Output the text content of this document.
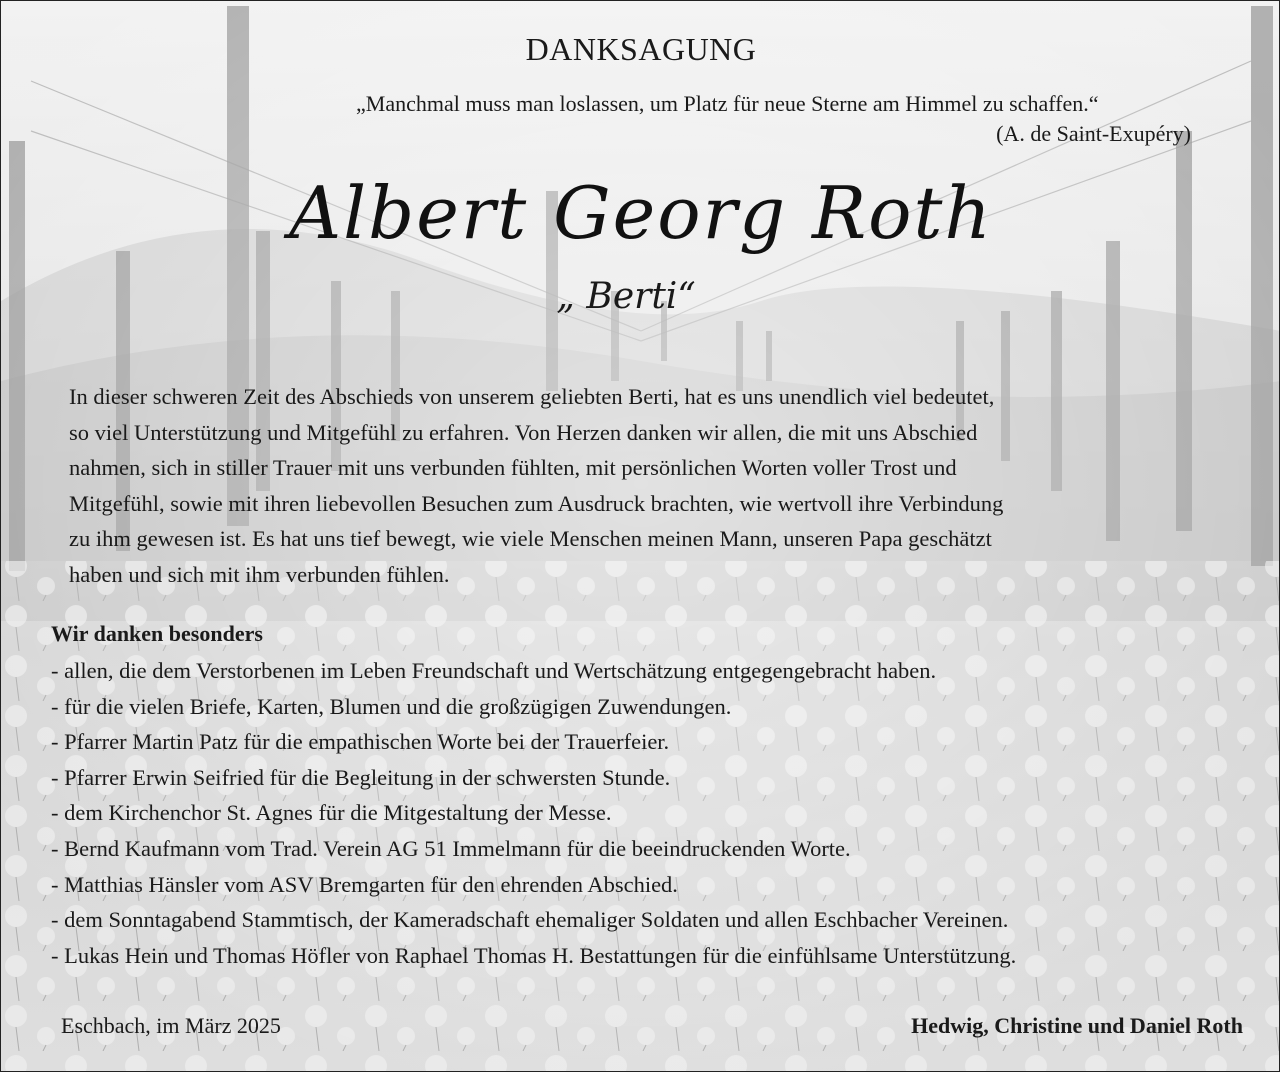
DANKSAGUNG
„Manchmal muss man loslassen, um Platz für neue Sterne am Himmel zu schaffen.“
(A. de Saint-Exupéry)
Albert Georg Roth
„ Berti“
In dieser schweren Zeit des Abschieds von unserem geliebten Berti, hat es uns unendlich viel bedeutet,
so viel Unterstützung und Mitgefühl zu erfahren. Von Herzen danken wir allen, die mit uns Abschied
nahmen, sich in stiller Trauer mit uns verbunden fühlten, mit persönlichen Worten voller Trost und
Mitgefühl, sowie mit ihren liebevollen Besuchen zum Ausdruck brachten, wie wertvoll ihre Verbindung
zu ihm gewesen ist. Es hat uns tief bewegt, wie viele Menschen meinen Mann, unseren Papa geschätzt
haben und sich mit ihm verbunden fühlen.
Wir danken besonders
- allen, die dem Verstorbenen im Leben Freundschaft und Wertschätzung entgegengebracht haben.
- für die vielen Briefe, Karten, Blumen und die großzügigen Zuwendungen.
- Pfarrer Martin Patz für die empathischen Worte bei der Trauerfeier.
- Pfarrer Erwin Seifried für die Begleitung in der schwersten Stunde.
- dem Kirchenchor St. Agnes für die Mitgestaltung der Messe.
- Bernd Kaufmann vom Trad. Verein AG 51 Immelmann für die beeindruckenden Worte.
- Matthias Hänsler vom ASV Bremgarten für den ehrenden Abschied.
- dem Sonntagabend Stammtisch, der Kameradschaft ehemaliger Soldaten und allen Eschbacher Vereinen.
- Lukas Hein und Thomas Höfler von Raphael Thomas H. Bestattungen für die einfühlsame Unterstützung.
Eschbach, im März 2025	Hedwig, Christine und Daniel Roth
